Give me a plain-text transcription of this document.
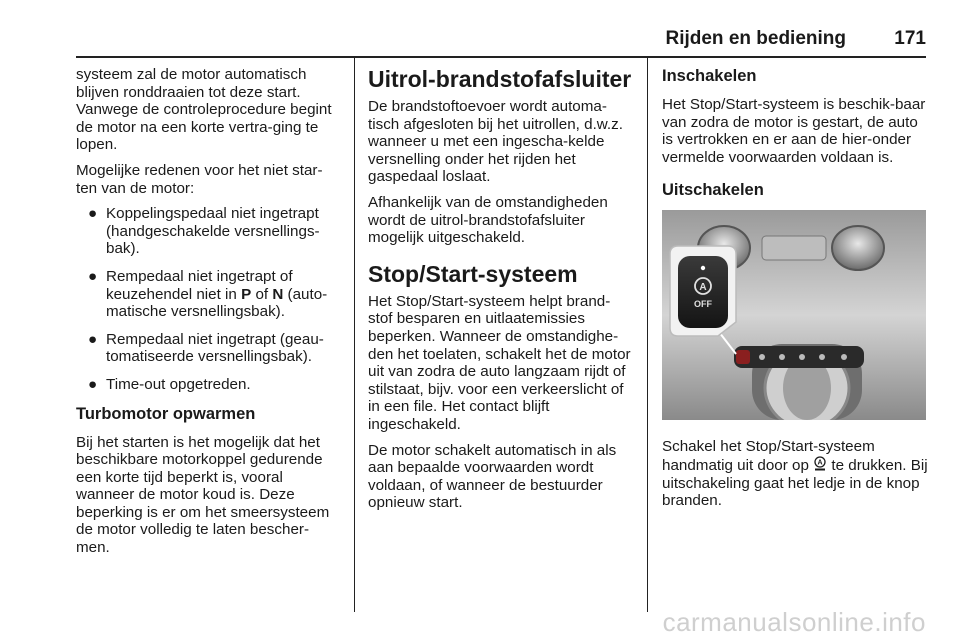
Rijden en bediening	171

systeem zal de motor automatisch blijven ronddraaien tot deze start. Vanwege de controleprocedure begint de motor na een korte vertra-ging te lopen.

Mogelijke redenen voor het niet star-ten van de motor:

● Koppelingspedaal niet ingetrapt (handgeschakelde versnellings-bak).
● Rempedaal niet ingetrapt of keuzehendel niet in P of N (auto-matische versnellingsbak).
● Rempedaal niet ingetrapt (geau-tomatiseerde versnellingsbak).
● Time-out opgetreden.
Turbomotor opwarmen

Bij het starten is het mogelijk dat het beschikbare motorkoppel gedurende een korte tijd beperkt is, vooral wanneer de motor koud is. Deze beperking is er om het smeersysteem de motor volledig te laten bescher-men.

Uitrol-brandstofafsluiter

De brandstoftoevoer wordt automa-tisch afgesloten bij het uitrollen, d.w.z. wanneer u met een ingescha-kelde versnelling onder het rijden het gaspedaal loslaat.

Afhankelijk van de omstandigheden wordt de uitrol-brandstofafsluiter mogelijk uitgeschakeld.

Stop/Start-systeem

Het Stop/Start-systeem helpt brand-stof besparen en uitlaatemissies beperken. Wanneer de omstandighe-den het toelaten, schakelt het de motor uit van zodra de auto langzaam rijdt of stilstaat, bijv. voor een verkeerslicht of in een file. Het contact blijft ingeschakeld.

De motor schakelt automatisch in als aan bepaalde voorwaarden wordt voldaan, of wanneer de bestuurder opnieuw start.

Inschakelen

Het Stop/Start-systeem is beschik-baar van zodra de motor is gestart, de auto is vertrokken en er aan de hier-onder vermelde voorwaarden voldaan is.

Uitschakelen
A
OFF

Schakel het Stop/Start-systeem handmatig uit door op A te drukken. Bij uitschakeling gaat het ledje in de knop branden.

carmanualsonline.info
